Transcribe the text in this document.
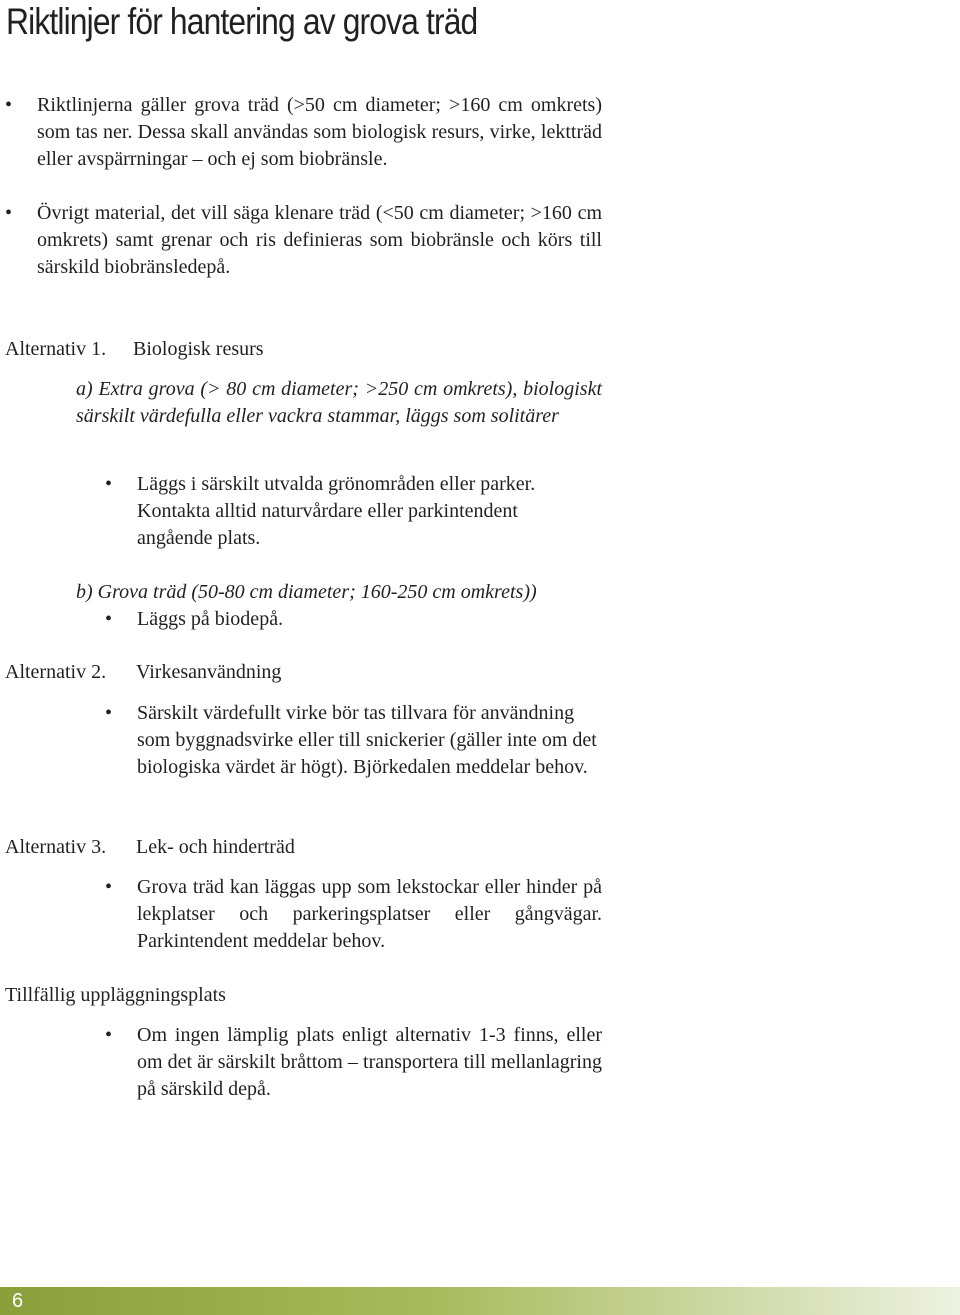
Riktlinjer för hantering av grova träd
• Riktlinjerna gäller grova träd (>50 cm diameter; >160 cm omkrets) som tas ner. Dessa skall användas som biologisk resurs, virke, lektträd eller avspärrningar – och ej som biobränsle.

• Övrigt material, det vill säga klenare träd (<50 cm diameter; >160 cm omkrets) samt grenar och ris definieras som biobränsle och körs till särskild biobränsledepå.

Alternativ 1. Biologisk resurs

a) Extra grova (> 80 cm diameter; >250 cm omkrets), biologiskt särskilt värdefulla eller vackra stammar, läggs som solitärer

• Läggs i särskilt utvalda grönområden eller parker. Kontakta alltid naturvårdare eller parkintendent angående plats.

b) Grova träd (50-80 cm diameter; 160-250 cm omkrets))

• Läggs på biodepå.

Alternativ 2. Virkesanvändning
• Särskilt värdefullt virke bör tas tillvara för användning som byggnadsvirke eller till snickerier (gäller inte om det biologiska värdet är högt). Björkedalen meddelar behov.

Alternativ 3. Lek- och hinderträd
• Grova träd kan läggas upp som lekstockar eller hinder på lekplatser och parkeringsplatser eller gångvägar. Parkintendent meddelar behov.

Tillfällig uppläggningsplats
• Om ingen lämplig plats enligt alternativ 1-3 finns, eller om det är särskilt bråttom – transportera till mellanlagring på särskild depå.

6
